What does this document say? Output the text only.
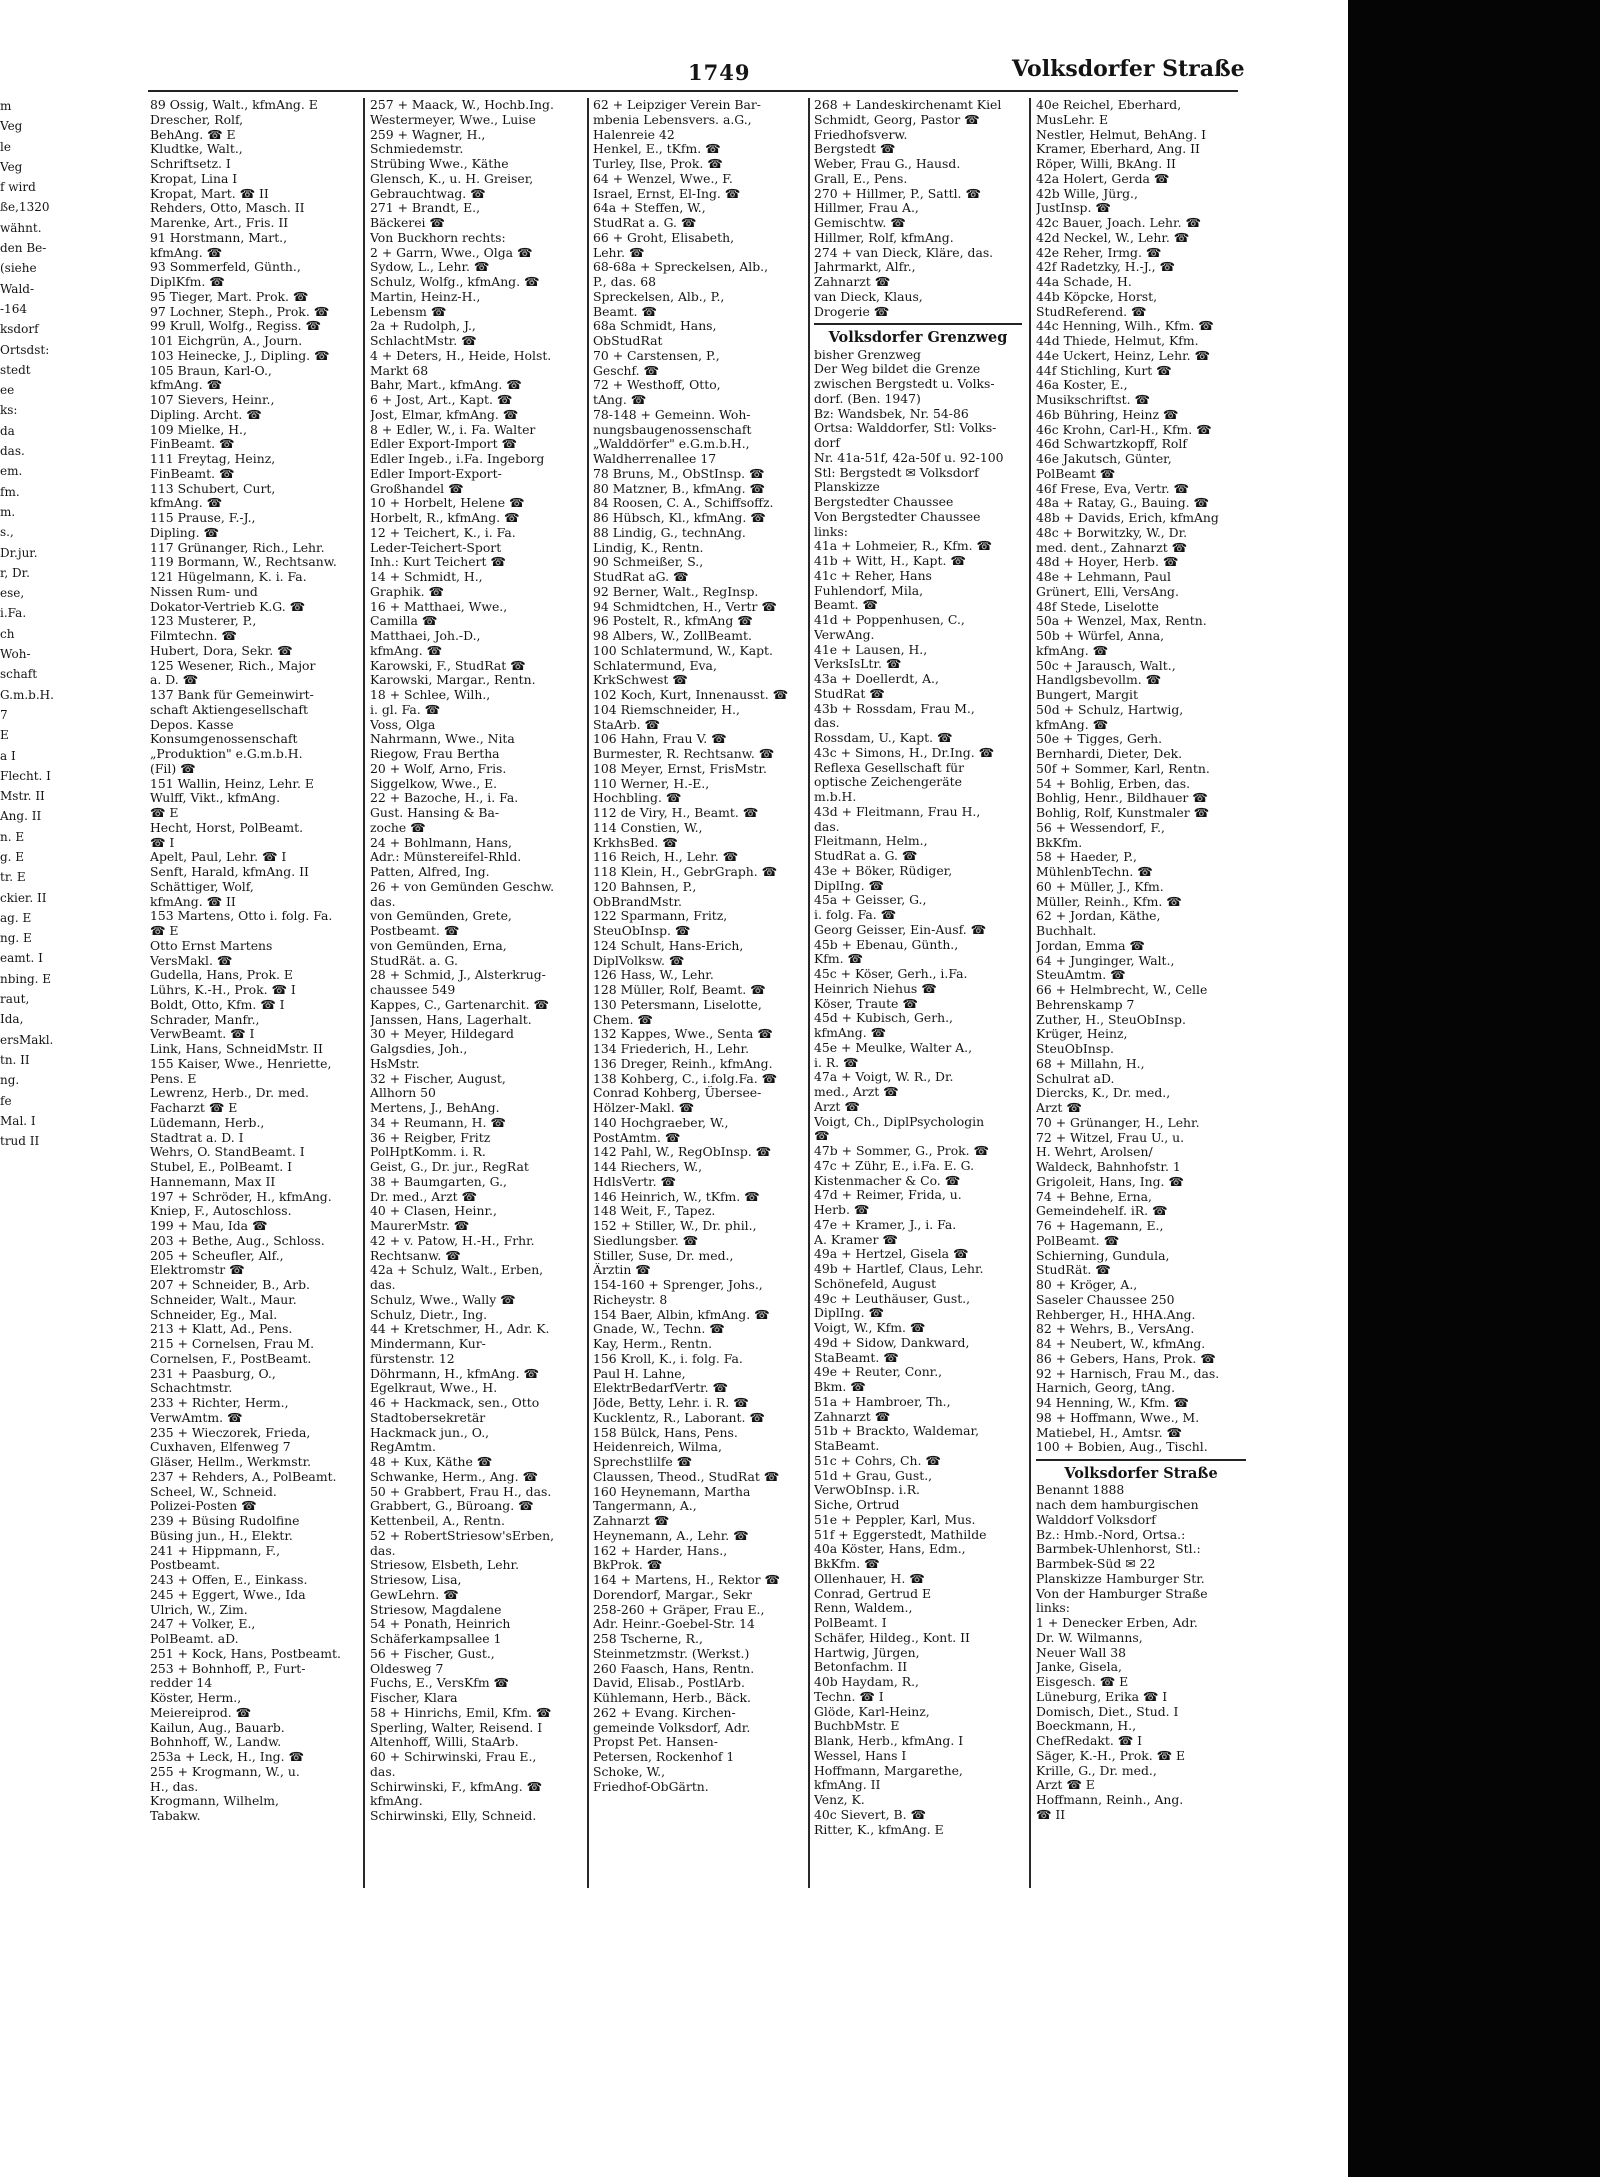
m
Veg
le
Veg
f wird
ße,1320
wähnt.
den Be-
(siehe
Wald-
-164
ksdorf
Ortsdst:
stedt
ee
ks:
da
das.
em.
fm.
m.
s.,
Dr.jur.
r, Dr.
ese,
i.Fa.
ch
Woh-
schaft
G.m.b.H.
7
E
a I
Flecht. I
Mstr. II
Ang. II
n. E
g. E
tr. E
ckier. II
ag. E
ng. E
eamt. I
nbing. E
raut,
Ida,
ersMakl.
tn. II
ng.
fe
Mal. I
trud II
1749	Volksdorfer Straße
89 Ossig, Walt., kfmAng. E
Drescher, Rolf,
BehAng. ☎ E
Kludtke, Walt.,
Schriftsetz. I
Kropat, Lina I
Kropat, Mart. ☎ II
Rehders, Otto, Masch. II
Marenke, Art., Fris. II
91 Horstmann, Mart.,
kfmAng. ☎
93 Sommerfeld, Günth.,
DiplKfm. ☎
95 Tieger, Mart. Prok. ☎
97 Lochner, Steph., Prok. ☎
99 Krull, Wolfg., Regiss. ☎
101 Eichgrün, A., Journ.
103 Heinecke, J., Dipling. ☎
105 Braun, Karl-O.,
kfmAng. ☎
107 Sievers, Heinr.,
Dipling. Archt. ☎
109 Mielke, H.,
FinBeamt. ☎
111 Freytag, Heinz,
FinBeamt. ☎
113 Schubert, Curt,
kfmAng. ☎
115 Prause, F.-J.,
Dipling. ☎
117 Grünanger, Rich., Lehr.
119 Bormann, W., Rechtsanw.
121 Hügelmann, K. i. Fa.
Nissen Rum- und
Dokator-Vertrieb K.G. ☎
123 Musterer, P.,
Filmtechn. ☎
Hubert, Dora, Sekr. ☎
125 Wesener, Rich., Major
a. D. ☎
137 Bank für Gemeinwirt-
schaft Aktiengesellschaft
Depos. Kasse
Konsumgenossenschaft
„Produktion" e.G.m.b.H.
(Fil) ☎
151 Wallin, Heinz, Lehr. E
Wulff, Vikt., kfmAng.
☎ E
Hecht, Horst, PolBeamt.
☎ I
Apelt, Paul, Lehr. ☎ I
Senft, Harald, kfmAng. II
Schättiger, Wolf,
kfmAng. ☎ II
153 Martens, Otto i. folg. Fa.
☎ E
Otto Ernst Martens
VersMakl. ☎
Gudella, Hans, Prok. E
Lührs, K.-H., Prok. ☎ I
Boldt, Otto, Kfm. ☎ I
Schrader, Manfr.,
VerwBeamt. ☎ I
Link, Hans, SchneidMstr. II
155 Kaiser, Wwe., Henriette,
Pens. E
Lewrenz, Herb., Dr. med.
Facharzt ☎ E
Lüdemann, Herb.,
Stadtrat a. D. I
Wehrs, O. StandBeamt. I
Stubel, E., PolBeamt. I
Hannemann, Max II
197 + Schröder, H., kfmAng.
Kniep, F., Autoschloss.
199 + Mau, Ida ☎
203 + Bethe, Aug., Schloss.
205 + Scheufler, Alf.,
Elektromstr ☎
207 + Schneider, B., Arb.
Schneider, Walt., Maur.
Schneider, Eg., Mal.
213 + Klatt, Ad., Pens.
215 + Cornelsen, Frau M.
Cornelsen, F., PostBeamt.
231 + Paasburg, O.,
Schachtmstr.
233 + Richter, Herm.,
VerwAmtm. ☎
235 + Wieczorek, Frieda,
Cuxhaven, Elfenweg 7
Gläser, Hellm., Werkmstr.
237 + Rehders, A., PolBeamt.
Scheel, W., Schneid.
Polizei-Posten ☎
239 + Büsing Rudolfine
Büsing jun., H., Elektr.
241 + Hippmann, F.,
Postbeamt.
243 + Offen, E., Einkass.
245 + Eggert, Wwe., Ida
Ulrich, W., Zim.
247 + Volker, E.,
PolBeamt. aD.
251 + Kock, Hans, Postbeamt.
253 + Bohnhoff, P., Furt-
redder 14
Köster, Herm.,
Meiereiprod. ☎
Kailun, Aug., Bauarb.
Bohnhoff, W., Landw.
253a + Leck, H., Ing. ☎
255 + Krogmann, W., u.
H., das.
Krogmann, Wilhelm,
Tabakw.
257 + Maack, W., Hochb.Ing.
Westermeyer, Wwe., Luise
259 + Wagner, H.,
Schmiedemstr.
Strübing Wwe., Käthe
Glensch, K., u. H. Greiser,
Gebrauchtwag. ☎
271 + Brandt, E.,
Bäckerei ☎
Von Buckhorn rechts:
2 + Garrn, Wwe., Olga ☎
Sydow, L., Lehr. ☎
Schulz, Wolfg., kfmAng. ☎
Martin, Heinz-H.,
Lebensm ☎
2a + Rudolph, J.,
SchlachtMstr. ☎
4 + Deters, H., Heide, Holst.
Markt 68
Bahr, Mart., kfmAng. ☎
6 + Jost, Art., Kapt. ☎
Jost, Elmar, kfmAng. ☎
8 + Edler, W., i. Fa. Walter
Edler Export-Import ☎
Edler Ingeb., i.Fa. Ingeborg
Edler Import-Export-
Großhandel ☎
10 + Horbelt, Helene ☎
Horbelt, R., kfmAng. ☎
12 + Teichert, K., i. Fa.
Leder-Teichert-Sport
Inh.: Kurt Teichert ☎
14 + Schmidt, H.,
Graphik. ☎
16 + Matthaei, Wwe.,
Camilla ☎
Matthaei, Joh.-D.,
kfmAng. ☎
Karowski, F., StudRat ☎
Karowski, Margar., Rentn.
18 + Schlee, Wilh.,
i. gl. Fa. ☎
Voss, Olga
Nahrmann, Wwe., Nita
Riegow, Frau Bertha
20 + Wolf, Arno, Fris.
Siggelkow, Wwe., E.
22 + Bazoche, H., i. Fa.
Gust. Hansing & Ba-
zoche ☎
24 + Bohlmann, Hans,
Adr.: Münstereifel-Rhld.
Patten, Alfred, Ing.
26 + von Gemünden Geschw.
das.
von Gemünden, Grete,
Postbeamt. ☎
von Gemünden, Erna,
StudRät. a. G.
28 + Schmid, J., Alsterkrug-
chaussee 549
Kappes, C., Gartenarchit. ☎
Janssen, Hans, Lagerhalt.
30 + Meyer, Hildegard
Galgsdies, Joh.,
HsMstr.
32 + Fischer, August,
Allhorn 50
Mertens, J., BehAng.
34 + Reumann, H. ☎
36 + Reigber, Fritz
PolHptKomm. i. R.
Geist, G., Dr. jur., RegRat
38 + Baumgarten, G.,
Dr. med., Arzt ☎
40 + Clasen, Heinr.,
MaurerMstr. ☎
42 + v. Patow, H.-H., Frhr.
Rechtsanw. ☎
42a + Schulz, Walt., Erben,
das.
Schulz, Wwe., Wally ☎
Schulz, Dietr., Ing.
44 + Kretschmer, H., Adr. K.
Mindermann, Kur-
fürstenstr. 12
Döhrmann, H., kfmAng. ☎
Egelkraut, Wwe., H.
46 + Hackmack, sen., Otto
Stadtobersekretär
Hackmack jun., O.,
RegAmtm.
48 + Kux, Käthe ☎
Schwanke, Herm., Ang. ☎
50 + Grabbert, Frau H., das.
Grabbert, G., Büroang. ☎
Kettenbeil, A., Rentn.
52 + RobertStriesow'sErben,
das.
Striesow, Elsbeth, Lehr.
Striesow, Lisa,
GewLehrn. ☎
Striesow, Magdalene
54 + Ponath, Heinrich
Schäferkampsallee 1
56 + Fischer, Gust.,
Oldesweg 7
Fuchs, E., VersKfm ☎
Fischer, Klara
58 + Hinrichs, Emil, Kfm. ☎
Sperling, Walter, Reisend. I
Altenhoff, Willi, StaArb.
60 + Schirwinski, Frau E.,
das.
Schirwinski, F., kfmAng. ☎
kfmAng.
Schirwinski, Elly, Schneid.
62 + Leipziger Verein Bar-
mbenia Lebensvers. a.G.,
Halenreie 42
Henkel, E., tKfm. ☎
Turley, Ilse, Prok. ☎
64 + Wenzel, Wwe., F.
Israel, Ernst, El-Ing. ☎
64a + Steffen, W.,
StudRat a. G. ☎
66 + Groht, Elisabeth,
Lehr. ☎
68-68a + Spreckelsen, Alb.,
P., das. 68
Spreckelsen, Alb., P.,
Beamt. ☎
68a Schmidt, Hans,
ObStudRat
70 + Carstensen, P.,
Geschf. ☎
72 + Westhoff, Otto,
tAng. ☎
78-148 + Gemeinn. Woh-
nungsbaugenossenschaft
„Walddörfer" e.G.m.b.H.,
Waldherrenallee 17
78 Bruns, M., ObStInsp. ☎
80 Matzner, B., kfmAng. ☎
84 Roosen, C. A., Schiffsoffz.
86 Hübsch, Kl., kfmAng. ☎
88 Lindig, G., technAng.
Lindig, K., Rentn.
90 Schmeißer, S.,
StudRat aG. ☎
92 Berner, Walt., RegInsp.
94 Schmidtchen, H., Vertr ☎
96 Postelt, R., kfmAng ☎
98 Albers, W., ZollBeamt.
100 Schlatermund, W., Kapt.
Schlatermund, Eva,
KrkSchwest ☎
102 Koch, Kurt, Innenausst. ☎
104 Riemschneider, H.,
StaArb. ☎
106 Hahn, Frau V. ☎
Burmester, R. Rechtsanw. ☎
108 Meyer, Ernst, FrisMstr.
110 Werner, H.-E.,
Hochbling. ☎
112 de Viry, H., Beamt. ☎
114 Constien, W.,
KrkhsBed. ☎
116 Reich, H., Lehr. ☎
118 Klein, H., GebrGraph. ☎
120 Bahnsen, P.,
ObBrandMstr.
122 Sparmann, Fritz,
SteuObInsp. ☎
124 Schult, Hans-Erich,
DiplVolksw. ☎
126 Hass, W., Lehr.
128 Müller, Rolf, Beamt. ☎
130 Petersmann, Liselotte,
Chem. ☎
132 Kappes, Wwe., Senta ☎
134 Friederich, H., Lehr.
136 Dreger, Reinh., kfmAng.
138 Kohberg, C., i.folg.Fa. ☎
Conrad Kohberg, Übersee-
Hölzer-Makl. ☎
140 Hochgraeber, W.,
PostAmtm. ☎
142 Pahl, W., RegObInsp. ☎
144 Riechers, W.,
HdlsVertr. ☎
146 Heinrich, W., tKfm. ☎
148 Weit, F., Tapez.
152 + Stiller, W., Dr. phil.,
Siedlungsber. ☎
Stiller, Suse, Dr. med.,
Ärztin ☎
154-160 + Sprenger, Johs.,
Richeystr. 8
154 Baer, Albin, kfmAng. ☎
Gnade, W., Techn. ☎
Kay, Herm., Rentn.
156 Kroll, K., i. folg. Fa.
Paul H. Lahne,
ElektrBedarfVertr. ☎
Jöde, Betty, Lehr. i. R. ☎
Kucklentz, R., Laborant. ☎
158 Bülck, Hans, Pens.
Heidenreich, Wilma,
Sprechstlilfe ☎
Claussen, Theod., StudRat ☎
160 Heynemann, Martha
Tangermann, A.,
Zahnarzt ☎
Heynemann, A., Lehr. ☎
162 + Harder, Hans.,
BkProk. ☎
164 + Martens, H., Rektor ☎
Dorendorf, Margar., Sekr
258-260 + Gräper, Frau E.,
Adr. Heinr.-Goebel-Str. 14
258 Tscherne, R.,
Steinmetzmstr. (Werkst.)
260 Faasch, Hans, Rentn.
David, Elisab., PostlArb.
Kühlemann, Herb., Bäck.
262 + Evang. Kirchen-
gemeinde Volksdorf, Adr.
Propst Pet. Hansen-
Petersen, Rockenhof 1
Schoke, W.,
Friedhof-ObGärtn.
268 + Landeskirchenamt Kiel
Schmidt, Georg, Pastor ☎
Friedhofsverw.
Bergstedt ☎
Weber, Frau G., Hausd.
Grall, E., Pens.
270 + Hillmer, P., Sattl. ☎
Hillmer, Frau A.,
Gemischtw. ☎
Hillmer, Rolf, kfmAng.
274 + van Dieck, Kläre, das.
Jahrmarkt, Alfr.,
Zahnarzt ☎
van Dieck, Klaus,
Drogerie ☎
Volksdorfer Grenzweg
bisher Grenzweg
Der Weg bildet die Grenze
zwischen Bergstedt u. Volks-
dorf. (Ben. 1947)
Bz: Wandsbek, Nr. 54-86
Ortsa: Walddorfer, Stl: Volks-
dorf
Nr. 41a-51f, 42a-50f u. 92-100
Stl: Bergstedt ✉ Volksdorf
Planskizze
Bergstedter Chaussee
Von Bergstedter Chaussee
links:
41a + Lohmeier, R., Kfm. ☎
41b + Witt, H., Kapt. ☎
41c + Reher, Hans
Fuhlendorf, Mila,
Beamt. ☎
41d + Poppenhusen, C.,
VerwAng.
41e + Lausen, H.,
VerksIsLtr. ☎
43a + Doellerdt, A.,
StudRat ☎
43b + Rossdam, Frau M.,
das.
Rossdam, U., Kapt. ☎
43c + Simons, H., Dr.Ing. ☎
Reflexa Gesellschaft für
optische Zeichengeräte
m.b.H.
43d + Fleitmann, Frau H.,
das.
Fleitmann, Helm.,
StudRat a. G. ☎
43e + Böker, Rüdiger,
DiplIng. ☎
45a + Geisser, G.,
i. folg. Fa. ☎
Georg Geisser, Ein-Ausf. ☎
45b + Ebenau, Günth.,
Kfm. ☎
45c + Köser, Gerh., i.Fa.
Heinrich Niehus ☎
Köser, Traute ☎
45d + Kubisch, Gerh.,
kfmAng. ☎
45e + Meulke, Walter A.,
i. R. ☎
47a + Voigt, W. R., Dr.
med., Arzt ☎
Arzt ☎
Voigt, Ch., DiplPsychologin
☎
47b + Sommer, G., Prok. ☎
47c + Zühr, E., i.Fa. E. G.
Kistenmacher & Co. ☎
47d + Reimer, Frida, u.
Herb. ☎
47e + Kramer, J., i. Fa.
A. Kramer ☎
49a + Hertzel, Gisela ☎
49b + Hartlef, Claus, Lehr.
Schönefeld, August
49c + Leuthäuser, Gust.,
DiplIng. ☎
Voigt, W., Kfm. ☎
49d + Sidow, Dankward,
StaBeamt. ☎
49e + Reuter, Conr.,
Bkm. ☎
51a + Hambroer, Th.,
Zahnarzt ☎
51b + Brackto, Waldemar,
StaBeamt.
51c + Cohrs, Ch. ☎
51d + Grau, Gust.,
VerwObInsp. i.R.
Siche, Ortrud
51e + Peppler, Karl, Mus.
51f + Eggerstedt, Mathilde
40a Köster, Hans, Edm.,
BkKfm. ☎
Ollenhauer, H. ☎
Conrad, Gertrud E
Renn, Waldem.,
PolBeamt. I
Schäfer, Hildeg., Kont. II
Hartwig, Jürgen,
Betonfachm. II
40b Haydam, R.,
Techn. ☎ I
Glöde, Karl-Heinz,
BuchbMstr. E
Blank, Herb., kfmAng. I
Wessel, Hans I
Hoffmann, Margarethe,
kfmAng. II
Venz, K.
40c Sievert, B. ☎
Ritter, K., kfmAng. E
40e Reichel, Eberhard,
MusLehr. E
Nestler, Helmut, BehAng. I
Kramer, Eberhard, Ang. II
Röper, Willi, BkAng. II
42a Holert, Gerda ☎
42b Wille, Jürg.,
JustInsp. ☎
42c Bauer, Joach. Lehr. ☎
42d Neckel, W., Lehr. ☎
42e Reher, Irmg. ☎
42f Radetzky, H.-J., ☎
44a Schade, H.
44b Köpcke, Horst,
StudReferend. ☎
44c Henning, Wilh., Kfm. ☎
44d Thiede, Helmut, Kfm.
44e Uckert, Heinz, Lehr. ☎
44f Stichling, Kurt ☎
46a Koster, E.,
Musikschriftst. ☎
46b Bühring, Heinz ☎
46c Krohn, Carl-H., Kfm. ☎
46d Schwartzkopff, Rolf
46e Jakutsch, Günter,
PolBeamt ☎
46f Frese, Eva, Vertr. ☎
48a + Ratay, G., Bauing. ☎
48b + Davids, Erich, kfmAng
48c + Borwitzky, W., Dr.
med. dent., Zahnarzt ☎
48d + Hoyer, Herb. ☎
48e + Lehmann, Paul
Grünert, Elli, VersAng.
48f Stede, Liselotte
50a + Wenzel, Max, Rentn.
50b + Würfel, Anna,
kfmAng. ☎
50c + Jarausch, Walt.,
Handlgsbevollm. ☎
Bungert, Margit
50d + Schulz, Hartwig,
kfmAng. ☎
50e + Tigges, Gerh.
Bernhardi, Dieter, Dek.
50f + Sommer, Karl, Rentn.
54 + Bohlig, Erben, das.
Bohlig, Henr., Bildhauer ☎
Bohlig, Rolf, Kunstmaler ☎
56 + Wessendorf, F.,
BkKfm.
58 + Haeder, P.,
MühlenbTechn. ☎
60 + Müller, J., Kfm.
Müller, Reinh., Kfm. ☎
62 + Jordan, Käthe,
Buchhalt.
Jordan, Emma ☎
64 + Junginger, Walt.,
SteuAmtm. ☎
66 + Helmbrecht, W., Celle
Behrenskamp 7
Zuther, H., SteuObInsp.
Krüger, Heinz,
SteuObInsp.
68 + Millahn, H.,
Schulrat aD.
Diercks, K., Dr. med.,
Arzt ☎
70 + Grünanger, H., Lehr.
72 + Witzel, Frau U., u.
H. Wehrt, Arolsen/
Waldeck, Bahnhofstr. 1
Grigoleit, Hans, Ing. ☎
74 + Behne, Erna,
Gemeindehelf. iR. ☎
76 + Hagemann, E.,
PolBeamt. ☎
Schierning, Gundula,
StudRät. ☎
80 + Kröger, A.,
Saseler Chaussee 250
Rehberger, H., HHA.Ang.
82 + Wehrs, B., VersAng.
84 + Neubert, W., kfmAng.
86 + Gebers, Hans, Prok. ☎
92 + Harnisch, Frau M., das.
Harnich, Georg, tAng.
94 Henning, W., Kfm. ☎
98 + Hoffmann, Wwe., M.
Matiebel, H., Amtsr. ☎
100 + Bobien, Aug., Tischl.
Volksdorfer Straße
Benannt 1888
nach dem hamburgischen
Walddorf Volksdorf
Bz.: Hmb.-Nord, Ortsa.:
Barmbek-Uhlenhorst, Stl.:
Barmbek-Süd ✉ 22
Planskizze Hamburger Str.
Von der Hamburger Straße
links:
1 + Denecker Erben, Adr.
Dr. W. Wilmanns,
Neuer Wall 38
Janke, Gisela,
Eisgesch. ☎ E
Lüneburg, Erika ☎ I
Domisch, Diet., Stud. I
Boeckmann, H.,
ChefRedakt. ☎ I
Säger, K.-H., Prok. ☎ E
Krille, G., Dr. med.,
Arzt ☎ E
Hoffmann, Reinh., Ang.
☎ II
